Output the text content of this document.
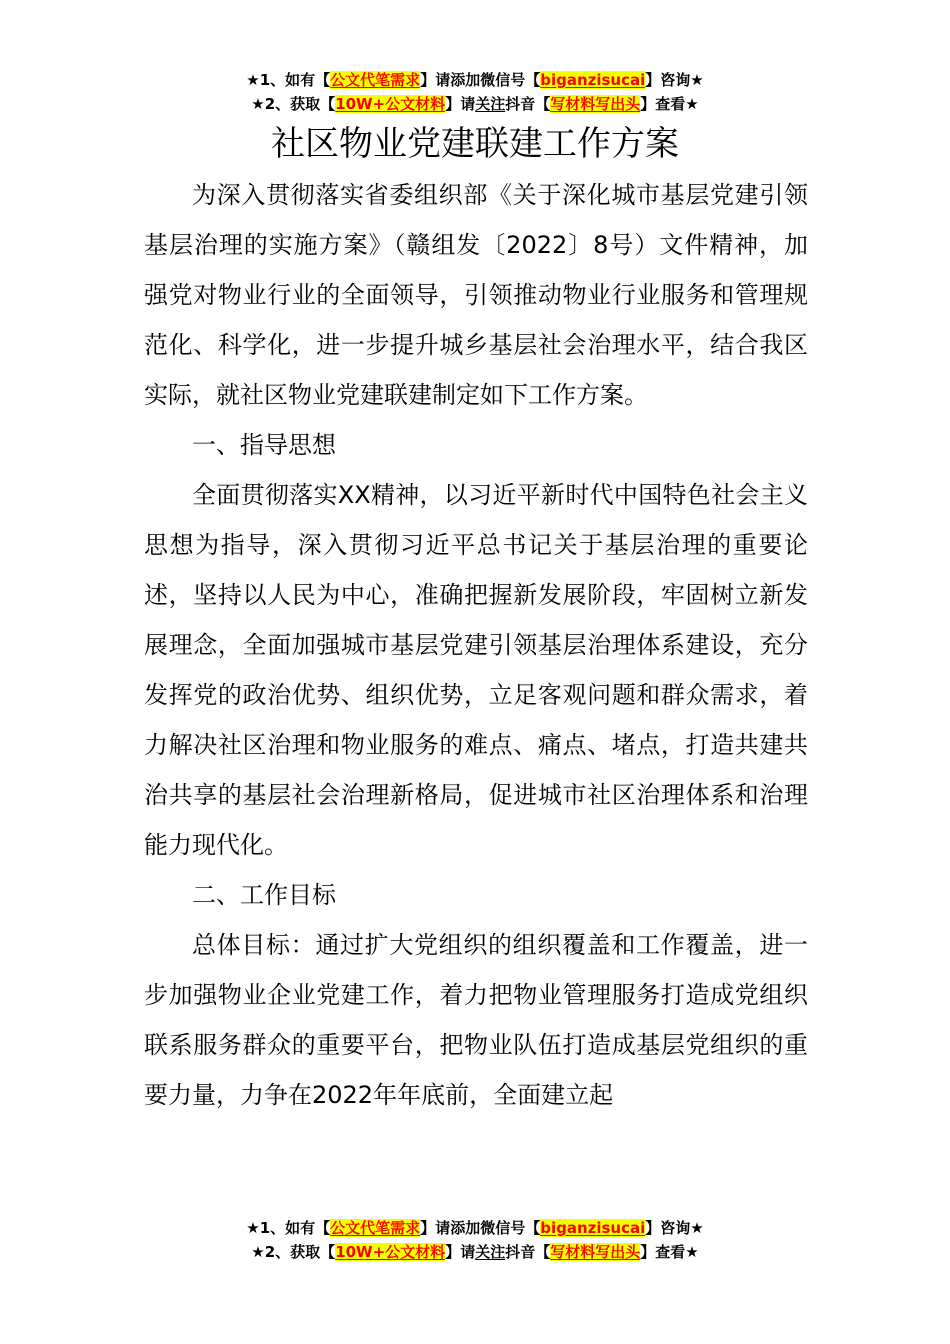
★1、如有【公文代笔需求】请添加微信号【biganzisucai】咨询★
★2、获取【10W+公文材料】请关注抖音【写材料写出头】查看★
社区物业党建联建工作方案

为深入贯彻落实省委组织部《关于深化城市基层党建引领基层治理的实施方案》（赣组发〔2022〕8号）文件精神，加强党对物业行业的全面领导，引领推动物业行业服务和管理规范化、科学化，进一步提升城乡基层社会治理水平，结合我区实际，就社区物业党建联建制定如下工作方案。

一、指导思想

全面贯彻落实XX精神，以习近平新时代中国特色社会主义思想为指导，深入贯彻习近平总书记关于基层治理的重要论述，坚持以人民为中心，准确把握新发展阶段，牢固树立新发展理念，全面加强城市基层党建引领基层治理体系建设，充分发挥党的政治优势、组织优势，立足客观问题和群众需求，着力解决社区治理和物业服务的难点、痛点、堵点，打造共建共治共享的基层社会治理新格局，促进城市社区治理体系和治理能力现代化。

二、工作目标

总体目标：通过扩大党组织的组织覆盖和工作覆盖，进一步加强物业企业党建工作，着力把物业管理服务打造成党组织联系服务群众的重要平台，把物业队伍打造成基层党组织的重要力量，力争在2022年年底前，全面建立起

★1、如有【公文代笔需求】请添加微信号【biganzisucai】咨询★
★2、获取【10W+公文材料】请关注抖音【写材料写出头】查看★
